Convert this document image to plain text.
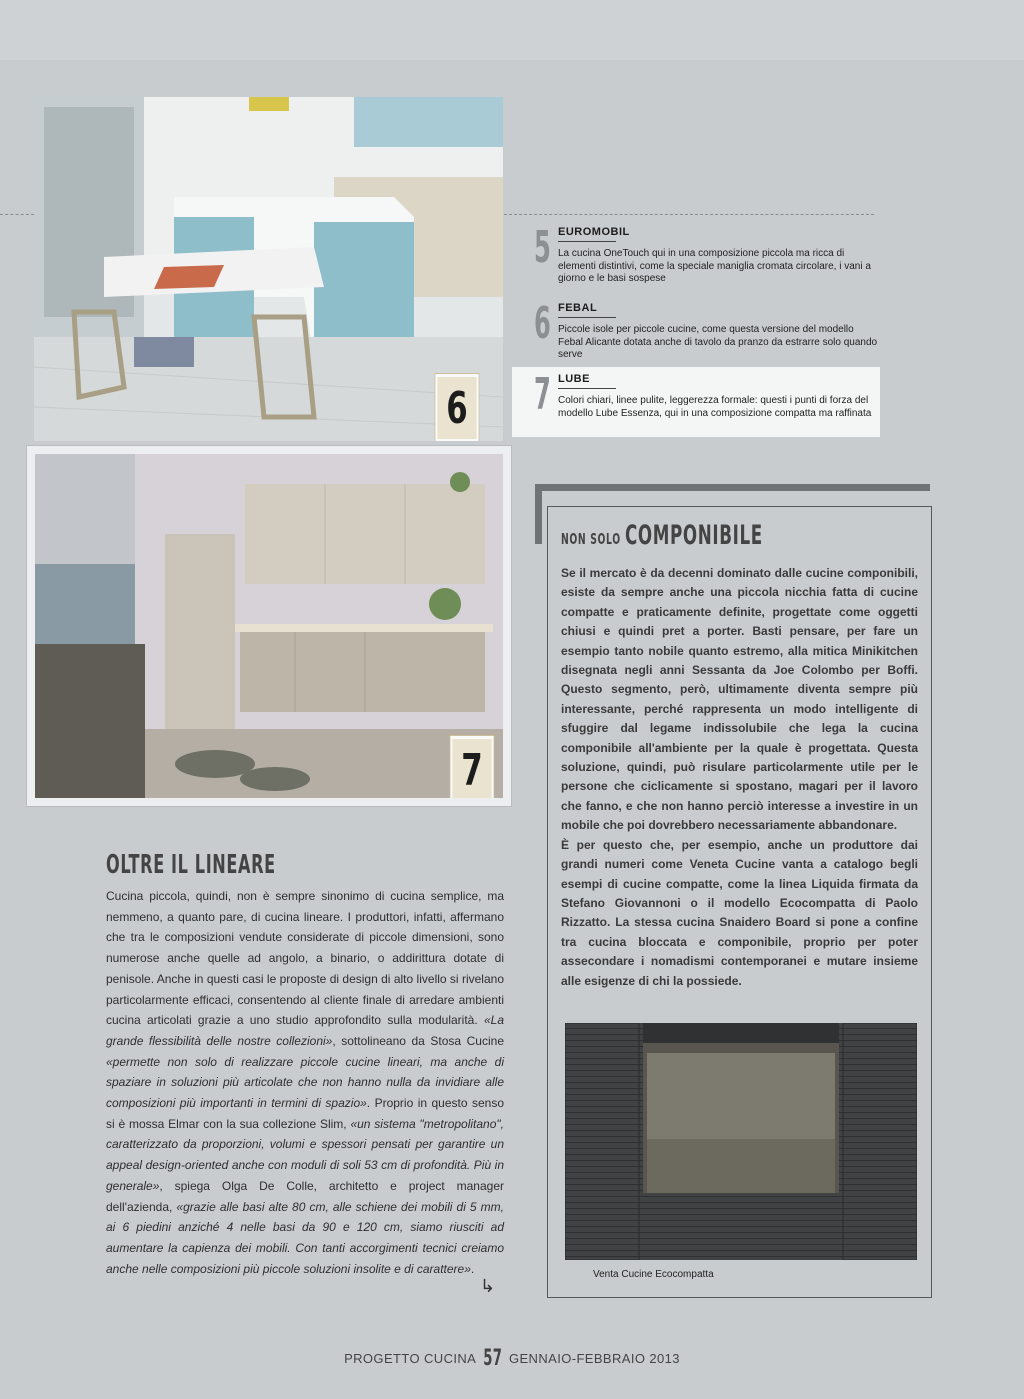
6
7
5 EUROMOBIL
La cucina OneTouch qui in una composizione piccola ma ricca di elementi distintivi, come la speciale maniglia cromata circolare, i vani a giorno e le basi sospese
6 FEBAL
Piccole isole per piccole cucine, come questa versione del modello Febal Alicante dotata anche di tavolo da pranzo da estrarre solo quando serve
7 LUBE
Colori chiari, linee pulite, leggerezza formale: questi i punti di forza del modello Lube Essenza, qui in una composizione compatta ma raffinata
OLTRE IL LINEARE

Cucina piccola, quindi, non è sempre sinonimo di cucina semplice, ma nemmeno, a quanto pare, di cucina lineare. I produttori, infatti, affermano che tra le composizioni vendute considerate di piccole dimensioni, sono numerose anche quelle ad angolo, a binario, o addirittura dotate di penisole. Anche in questi casi le proposte di design di alto livello si rivelano particolarmente efficaci, consentendo al cliente finale di arredare ambienti cucina articolati grazie a uno studio approfondito sulla modularità. «La grande flessibilità delle nostre collezioni», sottolineano da Stosa Cucine «permette non solo di realizzare piccole cucine lineari, ma anche di spaziare in soluzioni più articolate che non hanno nulla da invidiare alle composizioni più importanti in termini di spazio». Proprio in questo senso si è mossa Elmar con la sua collezione Slim, «un sistema "metropolitano", caratterizzato da proporzioni, volumi e spessori pensati per garantire un appeal design-oriented anche con moduli di soli 53 cm di profondità. Più in generale», spiega Olga De Colle, architetto e project manager dell'azienda, «grazie alle basi alte 80 cm, alle schiene dei mobili di 5 mm, ai 6 piedini anziché 4 nelle basi da 90 e 120 cm, siamo riusciti ad aumentare la capienza dei mobili. Con tanti accorgimenti tecnici creiamo anche nelle composizioni più piccole soluzioni insolite e di carattere».

↳
NON SOLO COMPONIBILE

Se il mercato è da decenni dominato dalle cucine componibili, esiste da sempre anche una piccola nicchia fatta di cucine compatte e praticamente definite, progettate come oggetti chiusi e quindi pret a porter. Basti pensare, per fare un esempio tanto nobile quanto estremo, alla mitica Minikitchen disegnata negli anni Sessanta da Joe Colombo per Boffi. Questo segmento, però, ultimamente diventa sempre più interessante, perché rappresenta un modo intelligente di sfuggire dal legame indissolubile che lega la cucina componibile all'ambiente per la quale è progettata. Questa soluzione, quindi, può risulare particolarmente utile per le persone che ciclicamente si spostano, magari per il lavoro che fanno, e che non hanno perciò interesse a investire in un mobile che poi dovrebbero necessariamente abbandonare.

È per questo che, per esempio, anche un produttore dai grandi numeri come Veneta Cucine vanta a catalogo begli esempi di cucine compatte, come la linea Liquida firmata da Stefano Giovannoni o il modello Ecocompatta di Paolo Rizzatto. La stessa cucina Snaidero Board si pone a confine tra cucina bloccata e componibile, proprio per poter assecondare i nomadismi contemporanei e mutare insieme alle esigenze di chi la possiede.

Venta Cucine Ecocompatta
PROGETTO CUCINA 57 GENNAIO-FEBBRAIO 2013
